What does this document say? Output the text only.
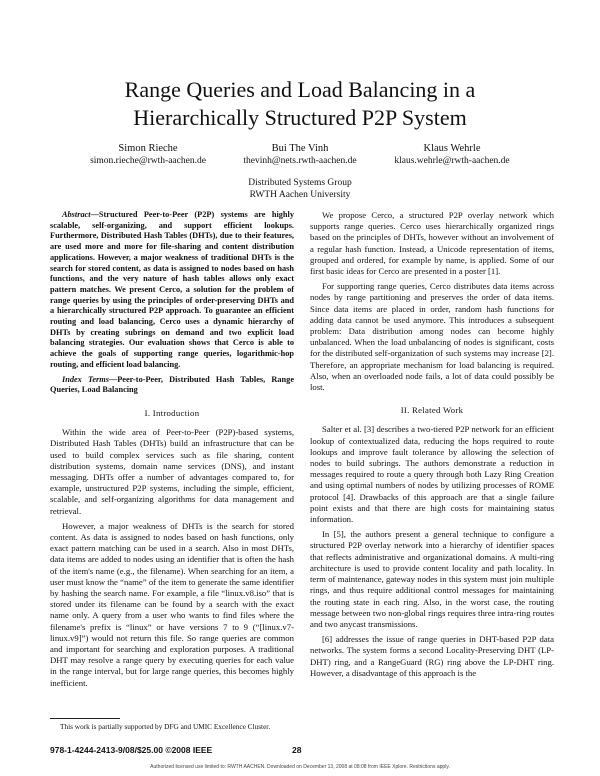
Range Queries and Load Balancing in a
Hierarchically Structured P2P System
Simon Rieche
simon.rieche@rwth-aachen.de
Bui The Vinh
thevinh@nets.rwth-aachen.de
Klaus Wehrle
klaus.wehrle@rwth-aachen.de
Distributed Systems Group
RWTH Aachen University

Abstract—Structured Peer-to-Peer (P2P) systems are highly scalable, self-organizing, and support efficient lookups. Furthermore, Distributed Hash Tables (DHTs), due to their features, are used more and more for file-sharing and content distribution applications. However, a major weakness of traditional DHTs is the search for stored content, as data is assigned to nodes based on hash functions, and the very nature of hash tables allows only exact pattern matches. We present Cerco, a solution for the problem of range queries by using the principles of order-preserving DHTs and a hierarchically structured P2P approach. To guarantee an efficient routing and load balancing, Cerco uses a dynamic hierarchy of DHTs by creating subrings on demand and two explicit load balancing strategies. Our evaluation shows that Cerco is able to achieve the goals of supporting range queries, logarithmic-hop routing, and efficient load balancing.

Index Terms—Peer-to-Peer, Distributed Hash Tables, Range Queries, Load Balancing

I. Introduction

Within the wide area of Peer-to-Peer (P2P)-based systems, Distributed Hash Tables (DHTs) build an infrastructure that can be used to build complex services such as file sharing, content distribution systems, domain name services (DNS), and instant messaging. DHTs offer a number of advantages compared to, for example, unstructured P2P systems, including the simple, efficient, scalable, and self-organizing algorithms for data management and retrieval.

However, a major weakness of DHTs is the search for stored content. As data is assigned to nodes based on hash functions, only exact pattern matching can be used in a search. Also in most DHTs, data items are added to nodes using an identifier that is often the hash of the item's name (e.g., the filename). When searching for an item, a user must know the “name” of the item to generate the same identifier by hashing the search name. For example, a file “linux.v8.iso” that is stored under its filename can be found by a search with the exact name only. A query from a user who wants to find files where the filename's prefix is “linux” or have versions 7 to 9 (“[linux.v7-linux.v9]”) would not return this file. So range queries are common and important for searching and exploration purposes. A traditional DHT may resolve a range query by executing queries for each value in the range interval, but for large range queries, this becomes highly inefficient.

We propose Cerco, a structured P2P overlay network which supports range queries. Cerco uses hierarchically organized rings based on the principles of DHTs, however without an involvement of a regular hash function. Instead, a Unicode representation of items, grouped and ordered, for example by name, is applied. Some of our first basic ideas for Cerco are presented in a poster [1].

For supporting range queries, Cerco distributes data items across nodes by range partitioning and preserves the order of data items. Since data items are placed in order, random hash functions for adding data cannot be used anymore. This introduces a subsequent problem: Data distribution among nodes can become highly unbalanced. When the load unbalancing of nodes is significant, costs for the distributed self-organization of such systems may increase [2]. Therefore, an appropriate mechanism for load balancing is required. Also, when an overloaded node fails, a lot of data could possibly be lost.

II. Related Work

Salter et al. [3] describes a two-tiered P2P network for an efficient lookup of contextualized data, reducing the hops required to route lookups and improve fault tolerance by allowing the selection of nodes to build subrings. The authors demonstrate a reduction in messages required to route a query through both Lazy Ring Creation and using optimal numbers of nodes by utilizing processes of ROME protocol [4]. Drawbacks of this approach are that a single failure point exists and that there are high costs for maintaining status information.

In [5], the authors present a general technique to configure a structured P2P overlay network into a hierarchy of identifier spaces that reflects administrative and organizational domains. A multi-ring architecture is used to provide content locality and path locality. In term of maintenance, gateway nodes in this system must join multiple rings, and thus require additional control messages for maintaining the routing state in each ring. Also, in the worst case, the routing message between two non-global rings requires three intra-ring routes and two anycast transmissions.

[6] addresses the issue of range queries in DHT-based P2P data networks. The system forms a second Locality-Preserving DHT (LP-DHT) ring, and a RangeGuard (RG) ring above the LP-DHT ring. However, a disadvantage of this approach is the

This work is partially supported by DFG and UMIC Excellence Cluster.
978-1-4244-2413-9/08/$25.00 ©2008 IEEE	28
Authorized licensed use limited to: RWTH AACHEN. Downloaded on December 13, 2008 at 08:08 from IEEE Xplore. Restrictions apply.
